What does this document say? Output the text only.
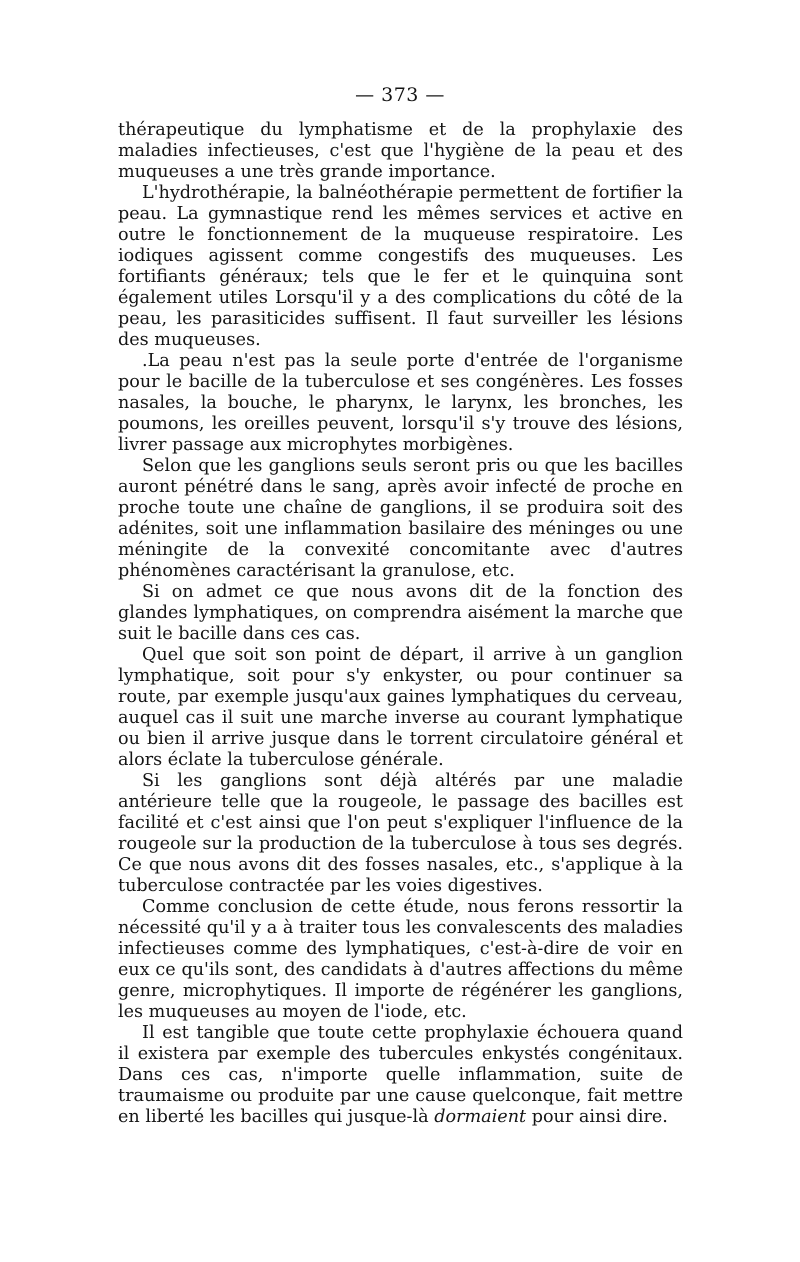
— 373 —

thérapeutique du lymphatisme et de la prophylaxie des maladies infectieuses, c'est que l'hygiène de la peau et des muqueuses a une très grande importance.

L'hydrothérapie, la balnéothérapie permettent de fortifier la peau. La gymnastique rend les mêmes services et active en outre le fonctionnement de la muqueuse respiratoire. Les iodiques agissent comme congestifs des muqueuses. Les fortifiants généraux; tels que le fer et le quinquina sont également utiles Lorsqu'il y a des complications du côté de la peau, les parasiticides suffisent. Il faut surveiller les lésions des muqueuses.

.La peau n'est pas la seule porte d'entrée de l'organisme pour le bacille de la tuberculose et ses congénères. Les fosses nasales, la bouche, le pharynx, le larynx, les bronches, les poumons, les oreilles peuvent, lorsqu'il s'y trouve des lésions, livrer passage aux microphytes morbigènes.

Selon que les ganglions seuls seront pris ou que les bacilles auront pénétré dans le sang, après avoir infecté de proche en proche toute une chaîne de ganglions, il se produira soit des adénites, soit une inflammation basilaire des méninges ou une méningite de la convexité concomitante avec d'autres phénomènes caractérisant la granulose, etc.

Si on admet ce que nous avons dit de la fonction des glandes lymphatiques, on comprendra aisément la marche que suit le bacille dans ces cas.

Quel que soit son point de départ, il arrive à un ganglion lymphatique, soit pour s'y enkyster, ou pour continuer sa route, par exemple jusqu'aux gaines lymphatiques du cerveau, auquel cas il suit une marche inverse au courant lymphatique ou bien il arrive jusque dans le torrent circulatoire général et alors éclate la tuberculose générale.

Si les ganglions sont déjà altérés par une maladie antérieure telle que la rougeole, le passage des bacilles est facilité et c'est ainsi que l'on peut s'expliquer l'influence de la rougeole sur la production de la tuberculose à tous ses degrés. Ce que nous avons dit des fosses nasales, etc., s'applique à la tuberculose contractée par les voies digestives.

Comme conclusion de cette étude, nous ferons ressortir la nécessité qu'il y a à traiter tous les convalescents des maladies infectieuses comme des lymphatiques, c'est-à-dire de voir en eux ce qu'ils sont, des candidats à d'autres affections du même genre, microphytiques. Il importe de régénérer les ganglions, les muqueuses au moyen de l'iode, etc.

Il est tangible que toute cette prophylaxie échouera quand il existera par exemple des tubercules enkystés congénitaux. Dans ces cas, n'importe quelle inflammation, suite de traumaisme ou produite par une cause quelconque, fait mettre en liberté les bacilles qui jusque-là dormaient pour ainsi dire.
